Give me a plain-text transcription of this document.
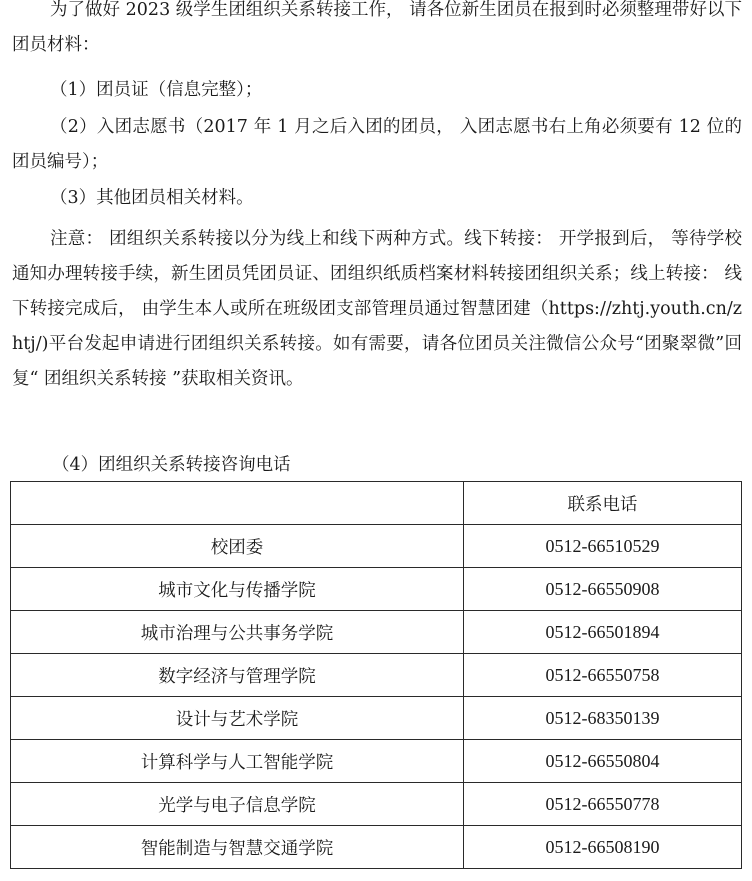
为了做好 2023 级学生团组织关系转接工作， 请各位新生团员在报到时必须整理带好以下团员材料：

（1）团员证（信息完整）；

（2）入团志愿书（2017 年 1 月之后入团的团员， 入团志愿书右上角必须要有 12 位的团员编号）；

（3）其他团员相关材料。

注意： 团组织关系转接以分为线上和线下两种方式。线下转接： 开学报到后， 等待学校通知办理转接手续，新生团员凭团员证、团组织纸质档案材料转接团组织关系；线上转接： 线下转接完成后， 由学生本人或所在班级团支部管理员通过智慧团建（https://zhtj.youth.cn/zhtj/)平台发起申请进行团组织关系转接。如有需要，请各位团员关注微信公众号“团聚翠微”回复“ 团组织关系转接 ”获取相关资讯。

（4）团组织关系转接咨询电话
	联系电话
校团委	0512-66510529
城市文化与传播学院	0512-66550908
城市治理与公共事务学院	0512-66501894
数字经济与管理学院	0512-66550758
设计与艺术学院	0512-68350139
计算科学与人工智能学院	0512-66550804
光学与电子信息学院	0512-66550778
智能制造与智慧交通学院	0512-66508190
